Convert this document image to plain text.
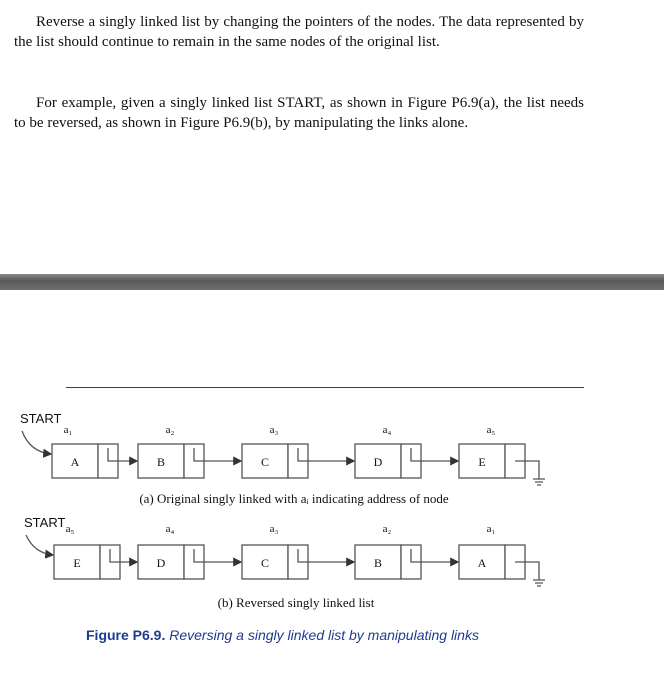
Reverse a singly linked list by changing the pointers of the nodes. The data represented by the list should continue to remain in the same nodes of the original list.

For example, given a singly linked list START, as shown in Figure P6.9(a), the list needs to be reversed, as shown in Figure P6.9(b), by manipulating the links alone.

START
a₁
A
a₂
B
a₃
C
a₄
D
a₅
E
START a₅
E
a₄
D
a₃
C
a₂
B
a₁
A
(a) Original singly linked with aᵢ indicating address of node
(b) Reversed singly linked list
Figure P6.9. Reversing a singly linked list by manipulating links
